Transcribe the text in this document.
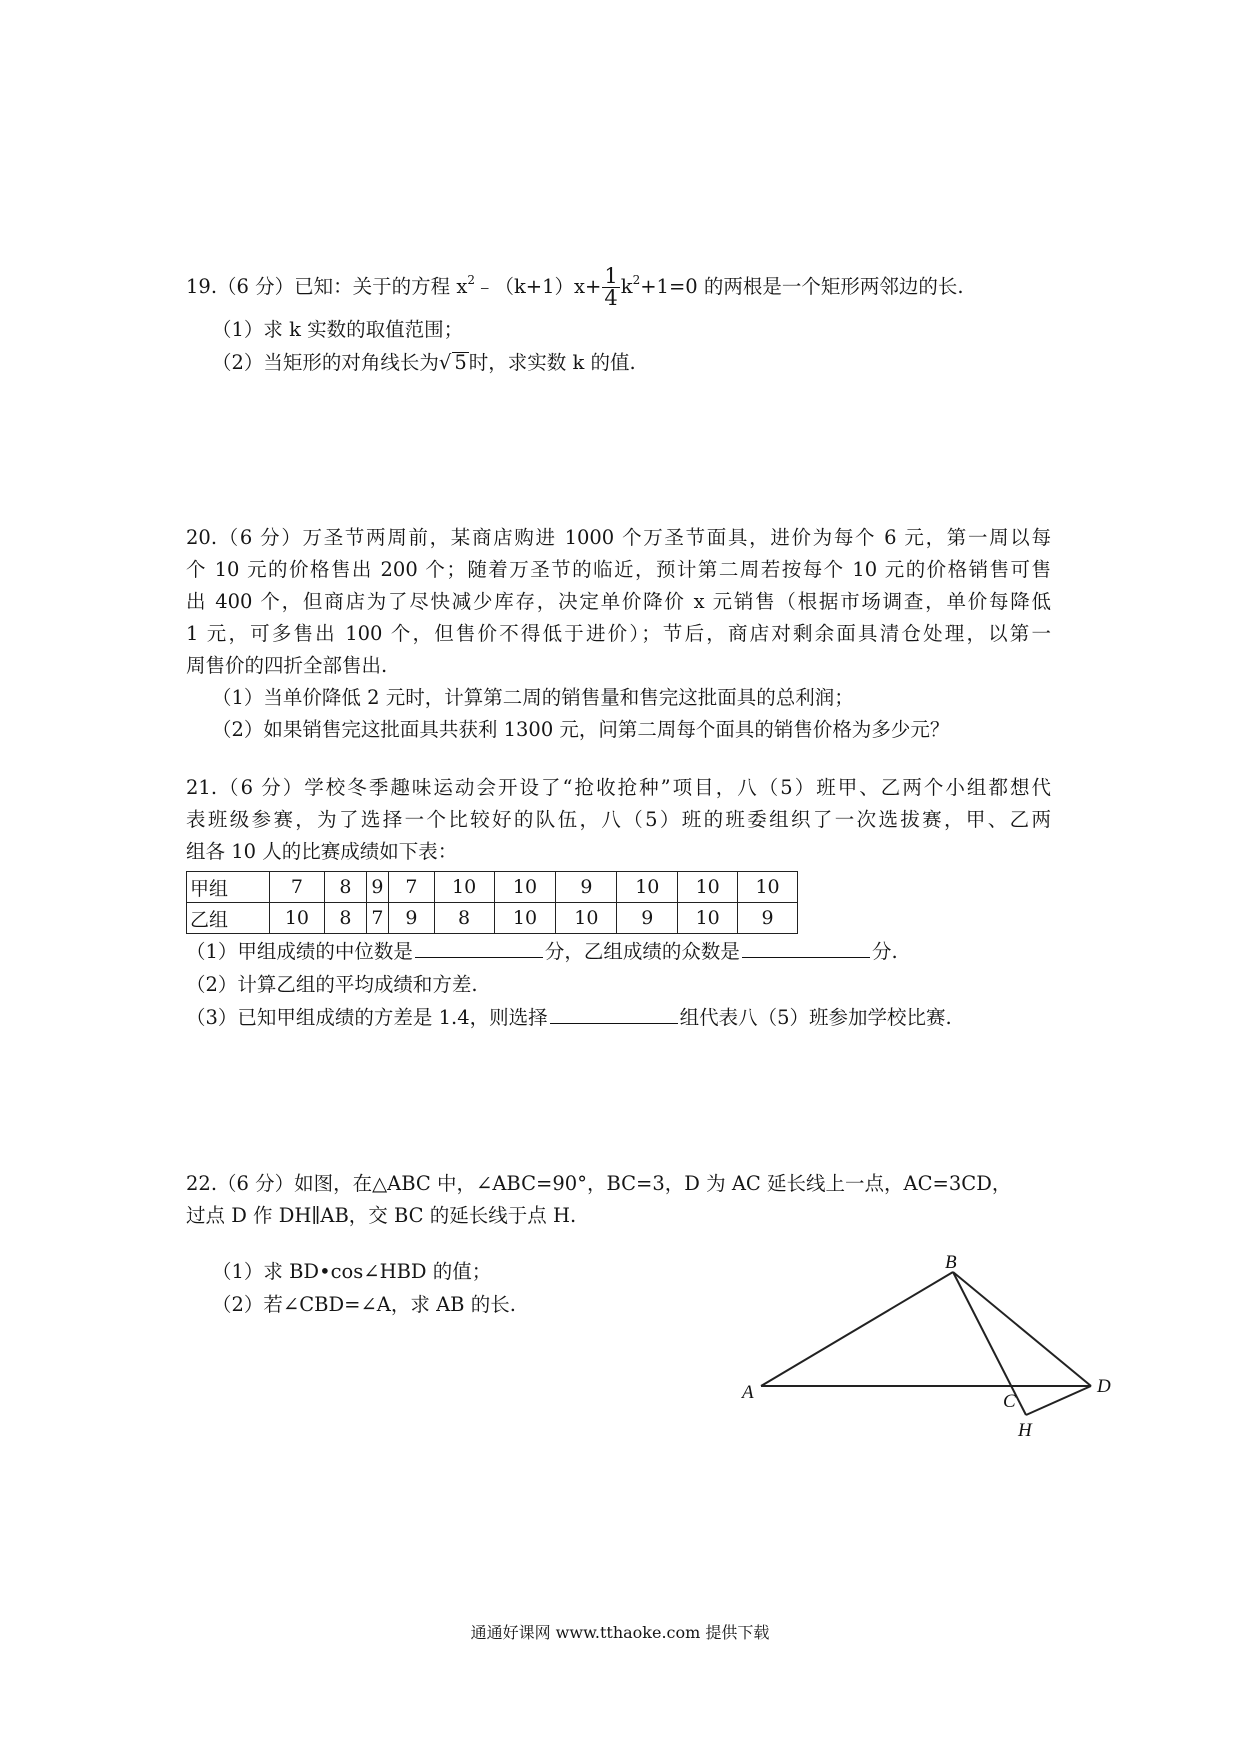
19.（6 分）已知：关于的方程 $x^2﹣(k+1)x+ \frac{1}{4} k^2+1=0$ 的两根是一个矩形两邻边的长.
（1）求 k 实数的取值范围；
（2）当矩形的对角线长为√ 5 时，求实数 k 的值.
20.（6 分）万圣节两周前，某商店购进 1000 个万圣节面具，进价为每个 6 元，第一周以每
个 10 元的价格售出 200 个；随着万圣节的临近，预计第二周若按每个 10 元的价格销售可售
出 400 个，但商店为了尽快减少库存，决定单价降价 x 元销售（根据市场调查，单价每降低
1 元，可多售出 100 个，但售价不得低于进价）；节后，商店对剩余面具清仓处理，以第一
周售价的四折全部售出.
（1）当单价降低 2 元时，计算第二周的销售量和售完这批面具的总利润；
（2）如果销售完这批面具共获利 1300 元，问第二周每个面具的销售价格为多少元？
21.（6 分）学校冬季趣味运动会开设了“抢收抢种”项目，八（5）班甲、乙两个小组都想代
表班级参赛，为了选择一个比较好的队伍，八（5）班的班委组织了一次选拔赛，甲、乙两
组各 10 人的比赛成绩如下表：
甲组	7	8	9	7	10	10	9	10	10	10
乙组	10	8	7	9	8	10	10	9	10	9
（1）甲组成绩的中位数是	分，乙组成绩的众数是	分.
（2）计算乙组的平均成绩和方差.
（3）已知甲组成绩的方差是 1.4，则选择	组代表八（5）班参加学校比赛.
22.（6 分）如图，在△ABC 中，∠ABC=90°，BC=3，D 为 AC 延长线上一点，AC=3CD，
过点 D 作 DH∥AB，交 BC 的延长线于点 H.
（1）求 BD•cos∠HBD 的值；
（2）若∠CBD=∠A，求 AB 的长.
A
B
C
D
H
通通好课网 www.tthaoke.com 提供下载
